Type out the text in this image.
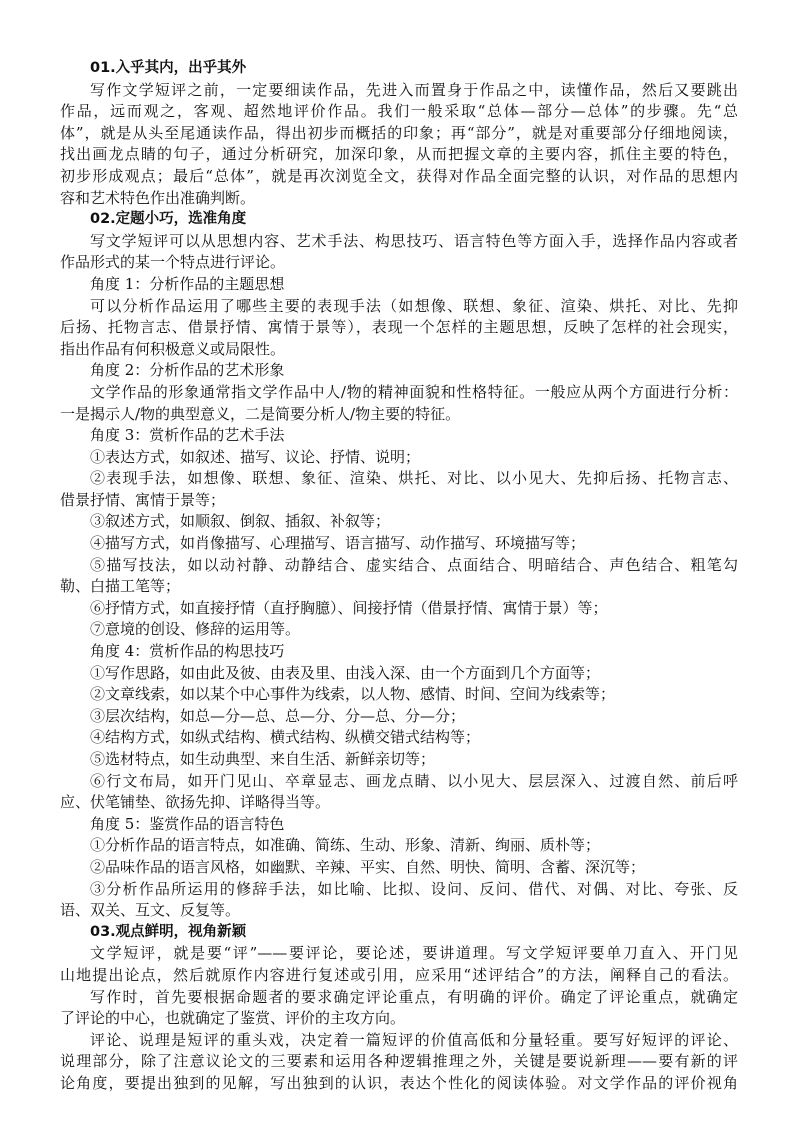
01.入乎其内，出乎其外
写作文学短评之前，一定要细读作品，先进入而置身于作品之中，读懂作品，然后又要跳出
作品，远而观之，客观、超然地评价作品。我们一般采取“总体—部分—总体”的步骤。先“总
体”，就是从头至尾通读作品，得出初步而概括的印象；再“部分”，就是对重要部分仔细地阅读，
找出画龙点睛的句子，通过分析研究，加深印象，从而把握文章的主要内容，抓住主要的特色，
初步形成观点；最后“总体”，就是再次浏览全文，获得对作品全面完整的认识，对作品的思想内
容和艺术特色作出准确判断。
02.定题小巧，选准角度
写文学短评可以从思想内容、艺术手法、构思技巧、语言特色等方面入手，选择作品内容或者
作品形式的某一个特点进行评论。
角度 1：分析作品的主题思想
可以分析作品运用了哪些主要的表现手法（如想像、联想、象征、渲染、烘托、对比、先抑
后扬、托物言志、借景抒情、寓情于景等），表现一个怎样的主题思想，反映了怎样的社会现实，
指出作品有何积极意义或局限性。
角度 2：分析作品的艺术形象
文学作品的形象通常指文学作品中人/物的精神面貌和性格特征。一般应从两个方面进行分析：
一是揭示人/物的典型意义，二是简要分析人/物主要的特征。
角度 3：赏析作品的艺术手法
①表达方式，如叙述、描写、议论、抒情、说明；
②表现手法，如想像、联想、象征、渲染、烘托、对比、以小见大、先抑后扬、托物言志、
借景抒情、寓情于景等；
③叙述方式，如顺叙、倒叙、插叙、补叙等；
④描写方式，如肖像描写、心理描写、语言描写、动作描写、环境描写等；
⑤描写技法，如以动衬静、动静结合、虚实结合、点面结合、明暗结合、声色结合、粗笔勾
勒、白描工笔等；
⑥抒情方式，如直接抒情（直抒胸臆）、间接抒情（借景抒情、寓情于景）等；
⑦意境的创设、修辞的运用等。
角度 4：赏析作品的构思技巧
①写作思路，如由此及彼、由表及里、由浅入深、由一个方面到几个方面等；
②文章线索，如以某个中心事件为线索，以人物、感情、时间、空间为线索等；
③层次结构，如总—分—总、总—分、分—总、分—分；
④结构方式，如纵式结构、横式结构、纵横交错式结构等；
⑤选材特点，如生动典型、来自生活、新鲜亲切等；
⑥行文布局，如开门见山、卒章显志、画龙点睛、以小见大、层层深入、过渡自然、前后呼
应、伏笔铺垫、欲扬先抑、详略得当等。
角度 5：鉴赏作品的语言特色
①分析作品的语言特点，如准确、简练、生动、形象、清新、绚丽、质朴等；
②品味作品的语言风格，如幽默、辛辣、平实、自然、明快、简明、含蓄、深沉等；
③分析作品所运用的修辞手法，如比喻、比拟、设问、反问、借代、对偶、对比、夸张、反
语、双关、互文、反复等。
03.观点鲜明，视角新颖
文学短评，就是要“评”——要评论，要论述，要讲道理。写文学短评要单刀直入、开门见
山地提出论点，然后就原作内容进行复述或引用，应采用“述评结合”的方法，阐释自己的看法。
写作时，首先要根据命题者的要求确定评论重点，有明确的评价。确定了评论重点，就确定
了评论的中心，也就确定了鉴赏、评价的主攻方向。
评论、说理是短评的重头戏，决定着一篇短评的价值高低和分量轻重。要写好短评的评论、
说理部分，除了注意议论文的三要素和运用各种逻辑推理之外，关键是要说新理——要有新的评
论角度，要提出独到的见解，写出独到的认识，表达个性化的阅读体验。对文学作品的评价视角
